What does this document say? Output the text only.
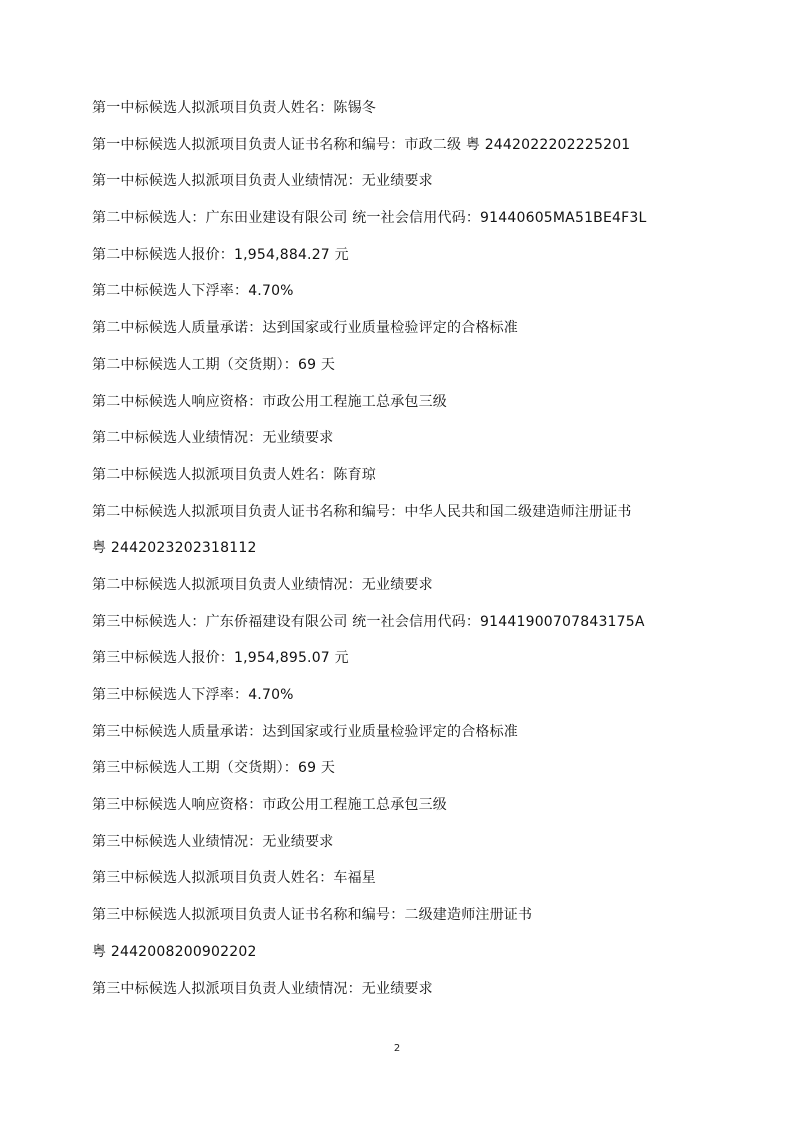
第一中标候选人拟派项目负责人姓名：陈锡冬
第一中标候选人拟派项目负责人证书名称和编号：市政二级 粤 2442022202225201
第一中标候选人拟派项目负责人业绩情况：无业绩要求
第二中标候选人：广东田业建设有限公司 统一社会信用代码：91440605MA51BE4F3L
第二中标候选人报价：1,954,884.27 元
第二中标候选人下浮率：4.70%
第二中标候选人质量承诺：达到国家或行业质量检验评定的合格标准
第二中标候选人工期（交货期）：69 天
第二中标候选人响应资格：市政公用工程施工总承包三级
第二中标候选人业绩情况：无业绩要求
第二中标候选人拟派项目负责人姓名：陈育琼
第二中标候选人拟派项目负责人证书名称和编号：中华人民共和国二级建造师注册证书
粤 2442023202318112
第二中标候选人拟派项目负责人业绩情况：无业绩要求
第三中标候选人：广东侨福建设有限公司 统一社会信用代码：91441900707843175A
第三中标候选人报价：1,954,895.07 元
第三中标候选人下浮率：4.70%
第三中标候选人质量承诺：达到国家或行业质量检验评定的合格标准
第三中标候选人工期（交货期）：69 天
第三中标候选人响应资格：市政公用工程施工总承包三级
第三中标候选人业绩情况：无业绩要求
第三中标候选人拟派项目负责人姓名：车福星
第三中标候选人拟派项目负责人证书名称和编号：二级建造师注册证书
粤 2442008200902202
第三中标候选人拟派项目负责人业绩情况：无业绩要求
2
